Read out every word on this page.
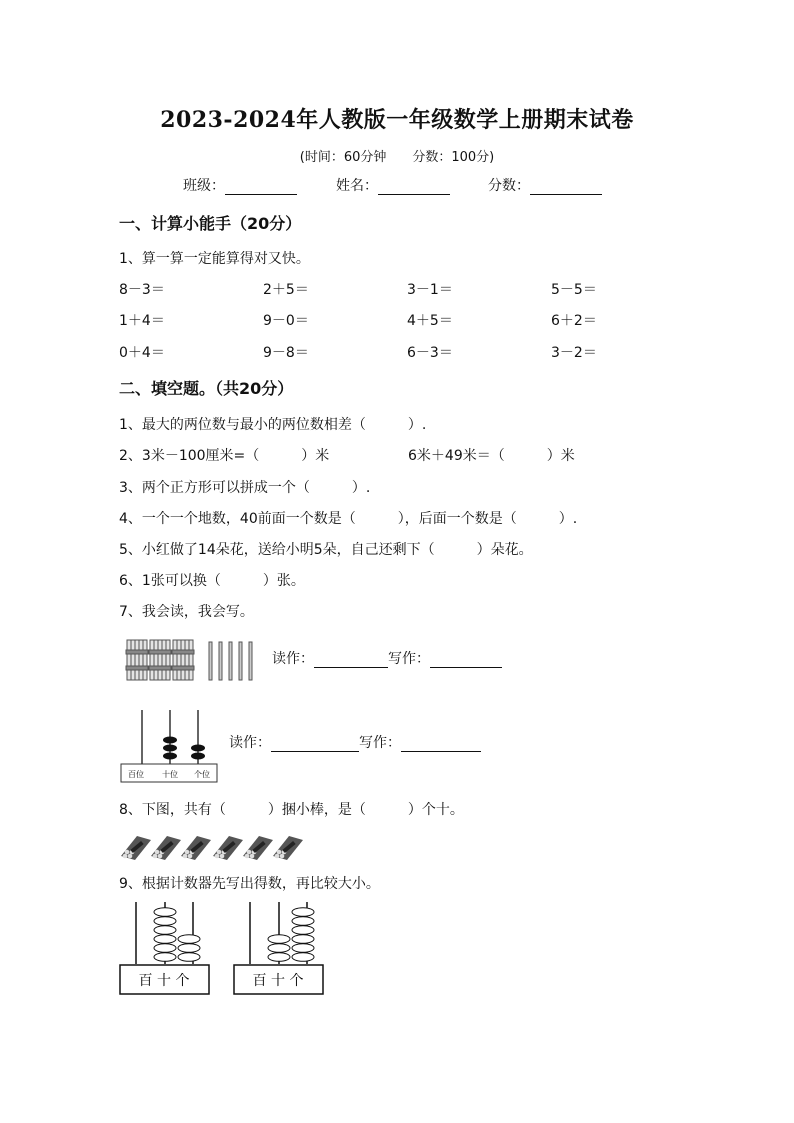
2023-2024年人教版一年级数学上册期末试卷
(时间：60分钟　　分数：100分)
班级：	姓名：	分数：
一、计算小能手（20分）
1、算一算一定能算得对又快。
8－3＝	2＋5＝	3－1＝	5－5＝
1＋4＝	9－0＝	4＋5＝	6＋2＝
0＋4＝	9－8＝	6－3＝	3－2＝
二、填空题。（共20分）
1、最大的两位数与最小的两位数相差（　　　）.
2、3米－100厘米=（　　　）米	6米＋49米＝（　　　）米
3、两个正方形可以拼成一个（　　　）.
4、一个一个地数，40前面一个数是（　　　），后面一个数是（　　　）.
5、小红做了14朵花，送给小明5朵，自己还剩下（　　　）朵花。
6、1张可以换（　　　）张。
7、我会读，我会写。
读作：	写作：
百位 十位 个位
读作：	写作：
8、下图，共有（　　　）捆小棒，是（　　　）个十。
9、根据计数器先写出得数，再比较大小。
百 十 个	百 十 个
